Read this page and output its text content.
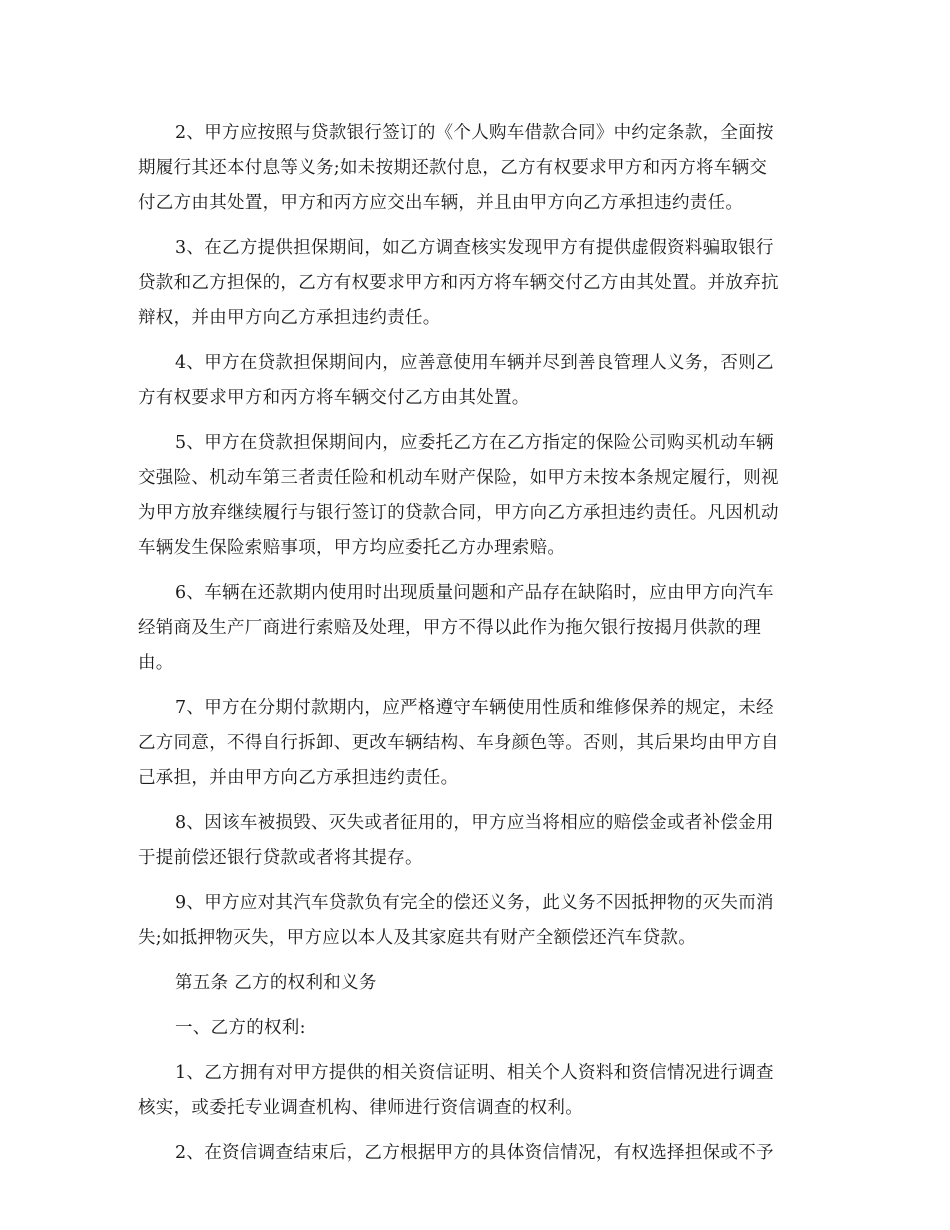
2、甲方应按照与贷款银行签订的《个人购车借款合同》中约定条款，全面按
期履行其还本付息等义务;如未按期还款付息，乙方有权要求甲方和丙方将车辆交
付乙方由其处置，甲方和丙方应交出车辆，并且由甲方向乙方承担违约责任。
3、在乙方提供担保期间，如乙方调查核实发现甲方有提供虚假资料骗取银行
贷款和乙方担保的，乙方有权要求甲方和丙方将车辆交付乙方由其处置。并放弃抗
辩权，并由甲方向乙方承担违约责任。
4、甲方在贷款担保期间内，应善意使用车辆并尽到善良管理人义务，否则乙
方有权要求甲方和丙方将车辆交付乙方由其处置。
5、甲方在贷款担保期间内，应委托乙方在乙方指定的保险公司购买机动车辆
交强险、机动车第三者责任险和机动车财产保险，如甲方未按本条规定履行，则视
为甲方放弃继续履行与银行签订的贷款合同，甲方向乙方承担违约责任。凡因机动
车辆发生保险索赔事项，甲方均应委托乙方办理索赔。
6、车辆在还款期内使用时出现质量问题和产品存在缺陷时，应由甲方向汽车
经销商及生产厂商进行索赔及处理，甲方不得以此作为拖欠银行按揭月供款的理
由。
7、甲方在分期付款期内，应严格遵守车辆使用性质和维修保养的规定，未经
乙方同意，不得自行拆卸、更改车辆结构、车身颜色等。否则，其后果均由甲方自
己承担，并由甲方向乙方承担违约责任。
8、因该车被损毁、灭失或者征用的，甲方应当将相应的赔偿金或者补偿金用
于提前偿还银行贷款或者将其提存。
9、甲方应对其汽车贷款负有完全的偿还义务，此义务不因抵押物的灭失而消
失;如抵押物灭失，甲方应以本人及其家庭共有财产全额偿还汽车贷款。
第五条 乙方的权利和义务
一、乙方的权利:
1、乙方拥有对甲方提供的相关资信证明、相关个人资料和资信情况进行调查
核实，或委托专业调查机构、律师进行资信调查的权利。
2、在资信调查结束后，乙方根据甲方的具体资信情况，有权选择担保或不予
